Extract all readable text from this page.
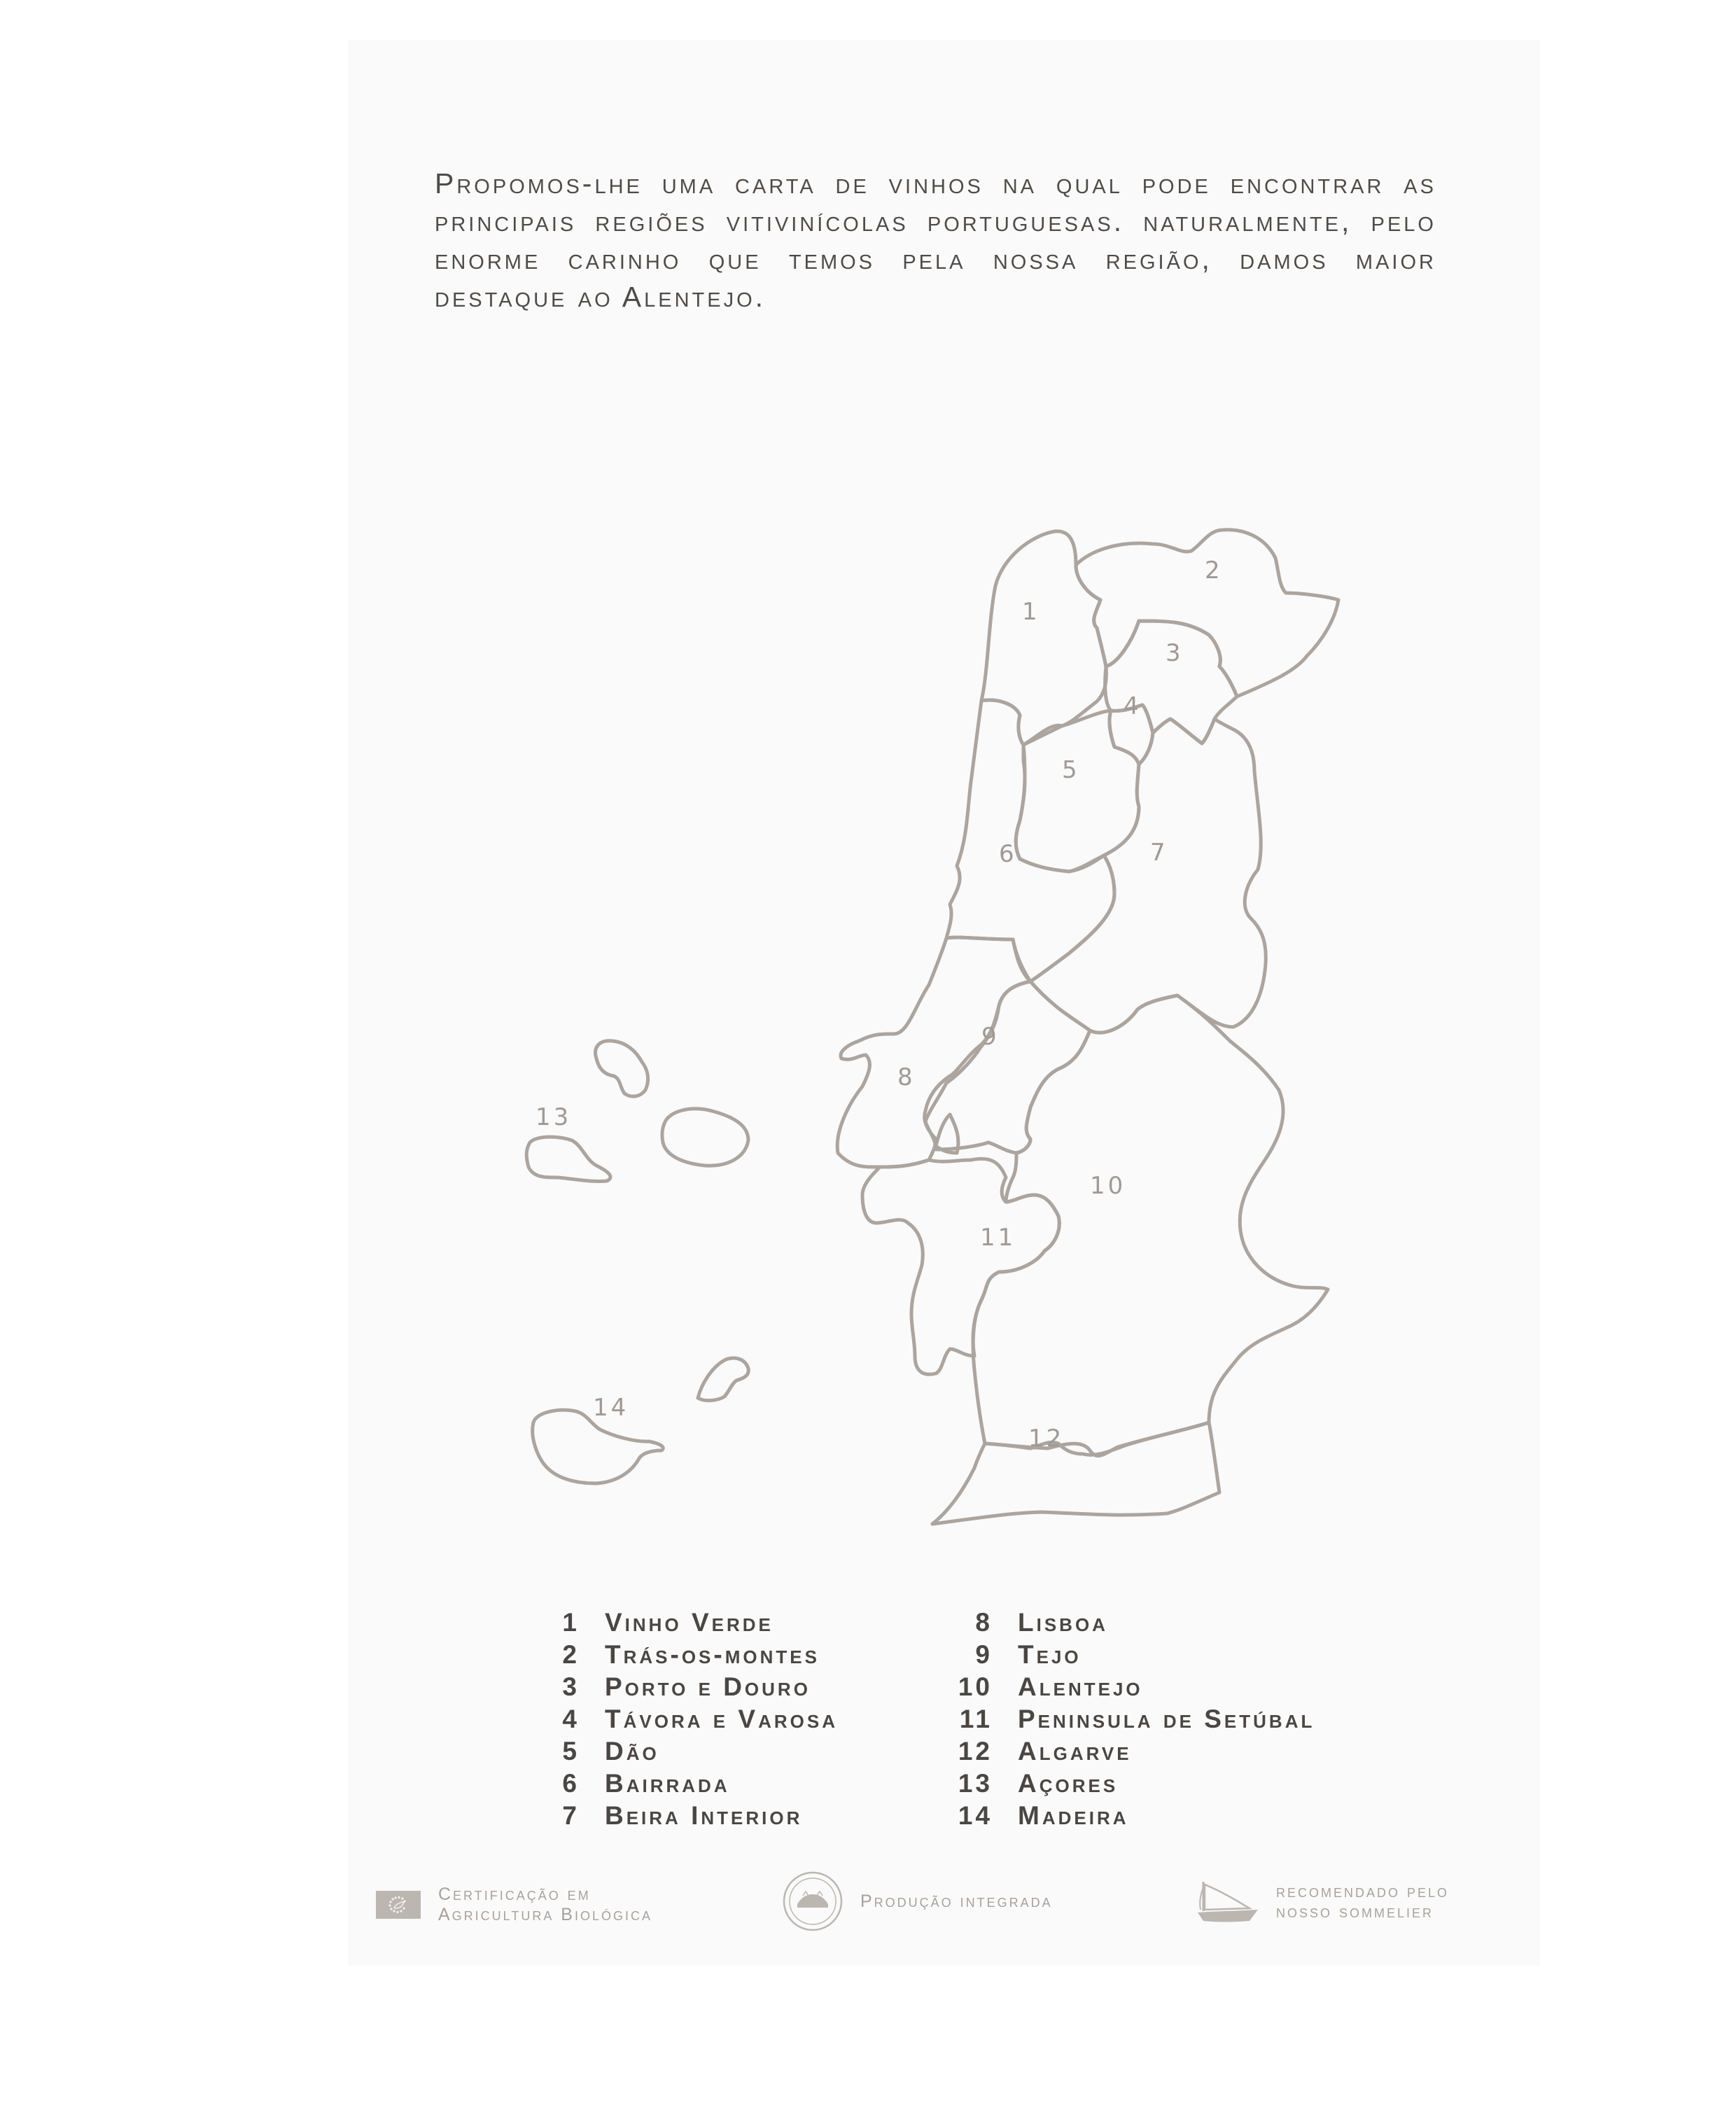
Propomos-lhe uma carta de vinhos na qual pode encontrar as principais regiões vitivinícolas portuguesas. naturalmente, pelo enorme carinho que temos pela nossa região, damos maior destaque ao Alentejo.

1
2
3
4
5
6	7
8
9
10
11
12
13
14
1 Vinho Verde
2 Trás-os-montes
3 Porto e Douro
4 Távora e Varosa
5 Dão
6 Bairrada
7 Beira Interior
8 Lisboa
9 Tejo
10 Alentejo
11 Peninsula de Setúbal
12 Algarve
13 Açores
14 Madeira
Certificação em
Agricultura Biológica
Produção integrada	recomendado pelo
nosso sommelier
